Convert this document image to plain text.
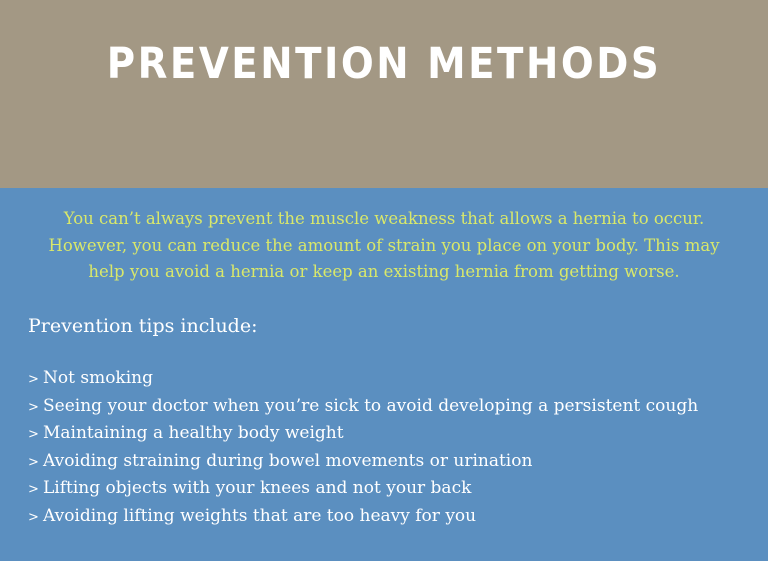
PREVENTION METHODS
You can’t always prevent the muscle weakness that allows a hernia to occur. However, you can reduce the amount of strain you place on your body. This may help you avoid a hernia or keep an existing hernia from getting worse.
Prevention tips include:
> Not smoking
> Seeing your doctor when you’re sick to avoid developing a persistent cough
> Maintaining a healthy body weight
> Avoiding straining during bowel movements or urination
> Lifting objects with your knees and not your back
> Avoiding lifting weights that are too heavy for you
